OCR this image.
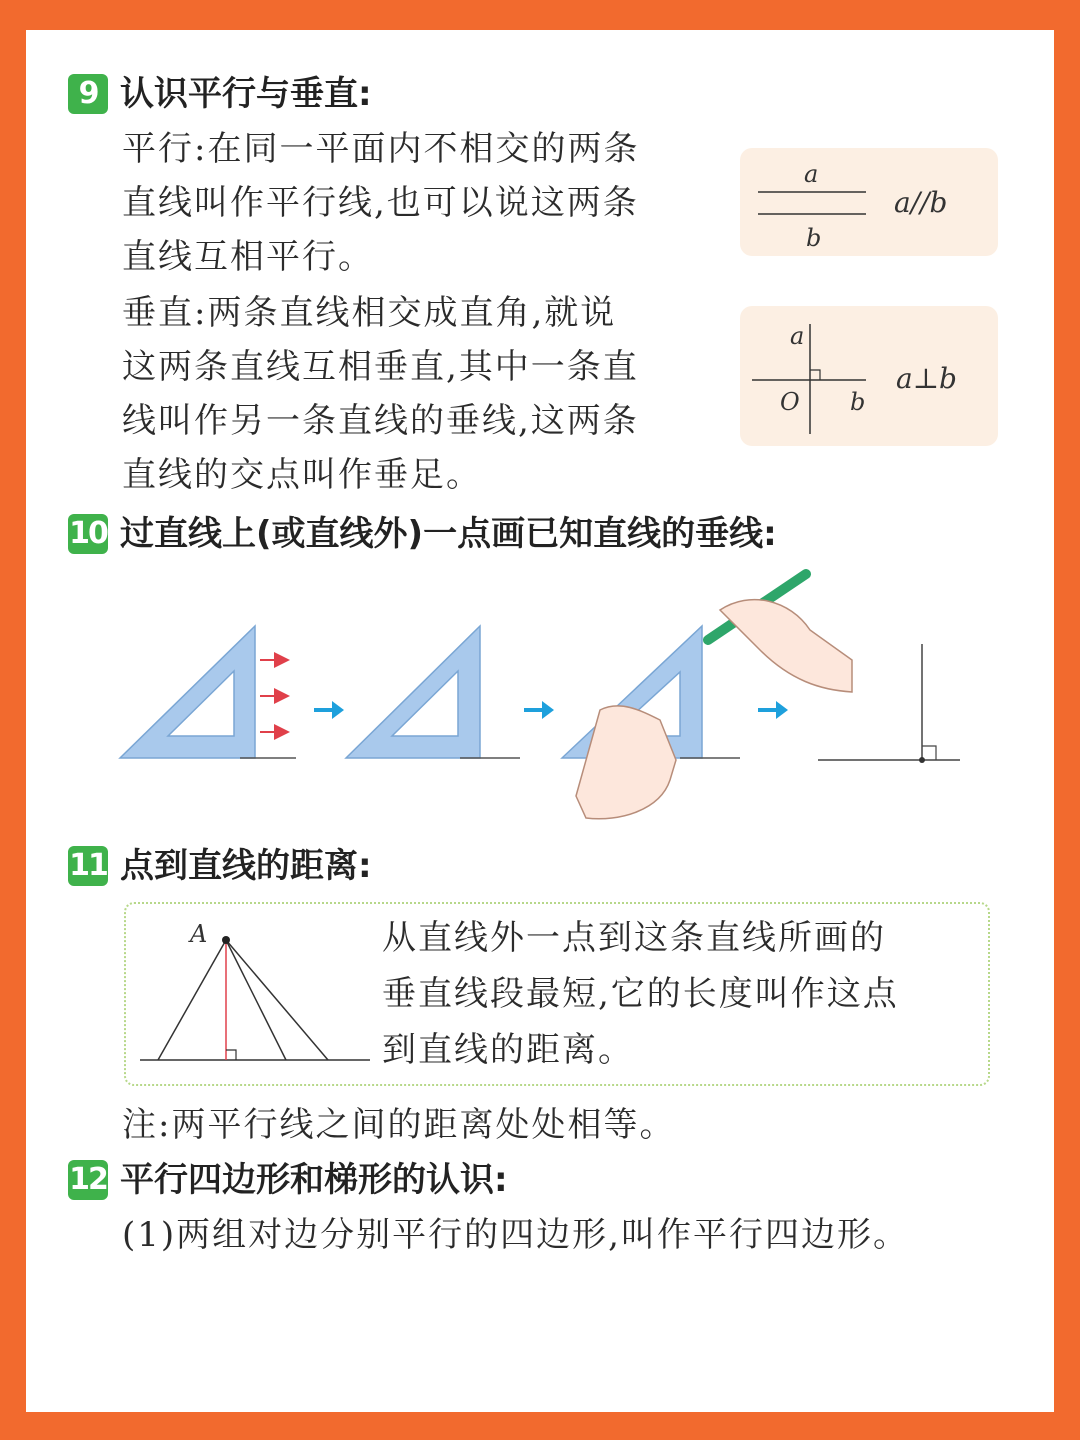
9 认识平行与垂直:
平行:在同一平面内不相交的两条
直线叫作平行线,也可以说这两条
直线互相平行。
垂直:两条直线相交成直角,就说
这两条直线互相垂直,其中一条直
线叫作另一条直线的垂线,这两条
直线的交点叫作垂足。
a
b
a//b
a
O b
a⊥b
10 过直线上(或直线外)一点画已知直线的垂线:
11 点到直线的距离:
A	从直线外一点到这条直线所画的
垂直线段最短,它的长度叫作这点
到直线的距离。
注:两平行线之间的距离处处相等。
12 平行四边形和梯形的认识:
(1)两组对边分别平行的四边形,叫作平行四边形。
